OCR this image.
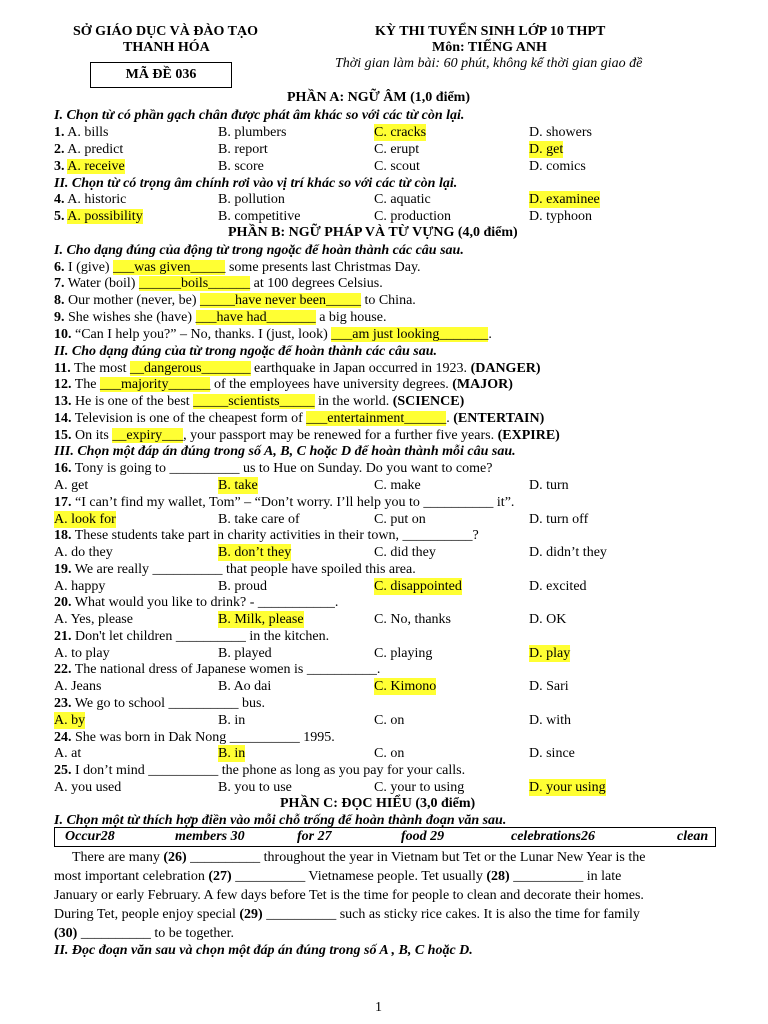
SỞ GIÁO DỤC VÀ ĐÀO TẠO
THANH HÓA
MÃ ĐỀ 036
KỲ THI TUYỂN SINH LỚP 10 THPT
Môn: TIẾNG ANH
Thời gian làm bài: 60 phút, không kể thời gian giao đề
PHẦN A: NGỮ ÂM (1,0 điểm)
I. Chọn từ có phần gạch chân được phát âm khác so với các từ còn lại.
1. A. bills	B. plumbers	C. cracks	D. showers
2. A. predict	B. report	C. erupt	D. get
3. A. receive	B. score	C. scout	D. comics
II. Chọn từ có trọng âm chính rơi vào vị trí khác so với các từ còn lại.
4. A. historic	B. pollution	C. aquatic	D. examinee
5. A. possibility	B. competitive	C. production	D. typhoon
PHẦN B: NGỮ PHÁP VÀ TỪ VỰNG (4,0 điểm)
I. Cho dạng đúng của động từ trong ngoặc để hoàn thành các câu sau.
6. I (give) ___was given_____ some presents last Christmas Day.
7. Water (boil) ______boils______ at 100 degrees Celsius.
8. Our mother (never, be) _____have never been_____ to China.
9. She wishes she (have) ___have had_______ a big house.
10. “Can I help you?” – No, thanks. I (just, look) ___am just looking_______.
II. Cho dạng đúng của từ trong ngoặc để hoàn thành các câu sau.
11. The most __dangerous_______ earthquake in Japan occurred in 1923. (DANGER)
12. The ___majority______ of the employees have university degrees. (MAJOR)
13. He is one of the best _____scientists_____ in the world. (SCIENCE)
14. Television is one of the cheapest form of ___entertainment______. (ENTERTAIN)
15. On its __expiry___, your passport may be renewed for a further five years. (EXPIRE)
III. Chọn một đáp án đúng trong số A, B, C hoặc D để hoàn thành mỗi câu sau.
16. Tony is going to __________ us to Hue on Sunday. Do you want to come?
A. get	B. take	C. make	D. turn
17. “I can’t find my wallet, Tom” – “Don’t worry. I’ll help you to __________ it”.
A. look for	B. take care of	C. put on	D. turn off
18. These students take part in charity activities in their town, __________?
A. do they	B. don’t they	C. did they	D. didn’t they
19. We are really __________ that people have spoiled this area.
A. happy	B. proud	C. disappointed	D. excited
20. What would you like to drink? - ___________.
A. Yes, please	B. Milk, please	C. No, thanks	D. OK
21. Don't let children __________ in the kitchen.
A. to play	B. played	C. playing	D. play
22. The national dress of Japanese women is __________.
A. Jeans	B. Ao dai	C. Kimono	D. Sari
23. We go to school __________ bus.
A. by	B. in	C. on	D. with
24. She was born in Dak Nong __________ 1995.
A. at	B. in	C. on	D. since
25. I don’t mind __________ the phone as long as you pay for your calls.
A. you used	B. you to use	C. your to using	D. your using
PHẦN C: ĐỌC HIỂU (3,0 điểm)
I. Chọn một từ thích hợp điền vào mỗi chỗ trống để hoàn thành đoạn văn sau.
Occur28	members 30	for 27	food 29	celebrations26	clean
There are many (26) __________ throughout the year in Vietnam but Tet or the Lunar New Year is the
most important celebration (27) __________ Vietnamese people. Tet usually (28) __________ in late
January or early February. A few days before Tet is the time for people to clean and decorate their homes.
During Tet, people enjoy special (29) __________ such as sticky rice cakes. It is also the time for family
(30) __________ to be together.
II. Đọc đoạn văn sau và chọn một đáp án đúng trong số A , B, C hoặc D.
1
